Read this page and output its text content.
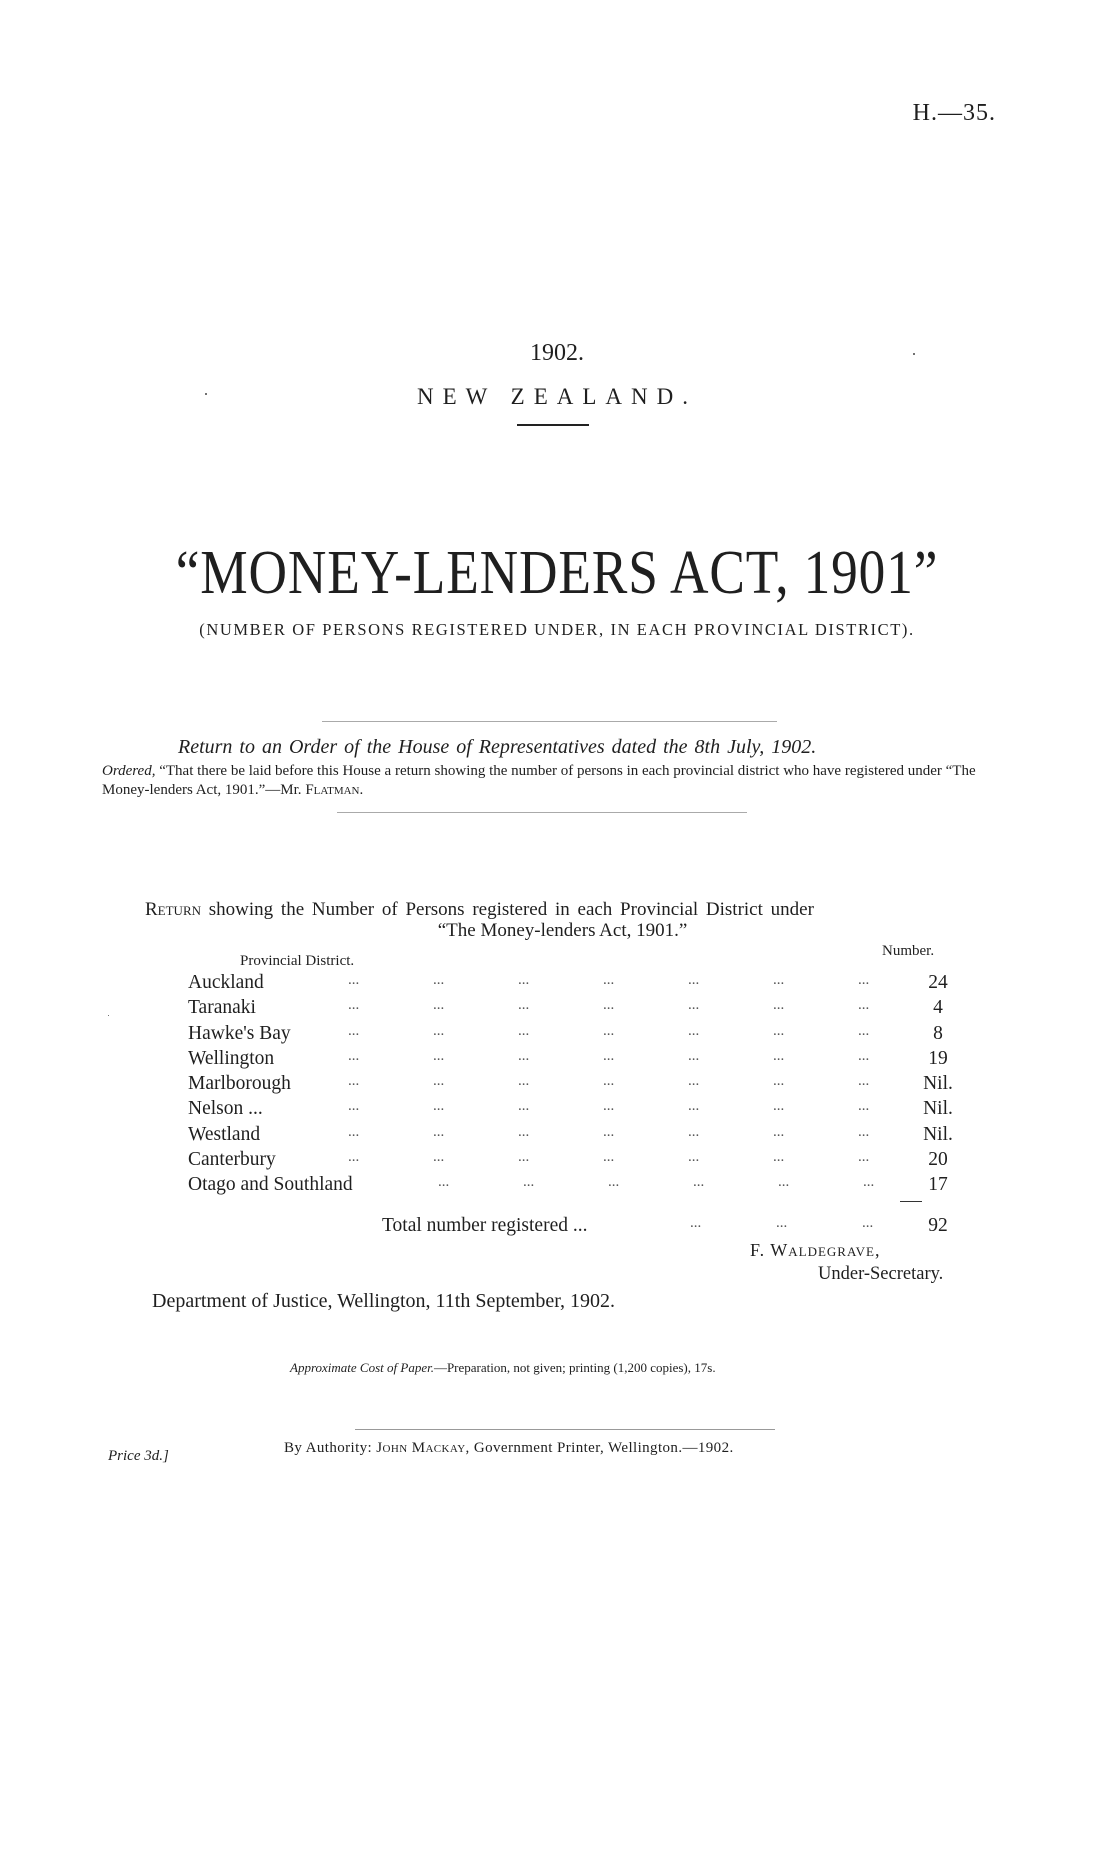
H.—35.
1902.
NEW ZEALAND.
“MONEY-LENDERS ACT, 1901”
(NUMBER OF PERSONS REGISTERED UNDER, IN EACH PROVINCIAL DISTRICT).
Return to an Order of the House of Representatives dated the 8th July, 1902.
Ordered, “That there be laid before this House a return showing the number of persons in each provincial district who have registered under “The Money-lenders Act, 1901.”—Mr. Flatman.
Return showing the Number of Persons registered in each Provincial District under
“The Money-lenders Act, 1901.”
Provincial District.
Number.
Auckland	...	...	...	...	...	...	...	24
Taranaki	...	...	...	...	...	...	...	4
Hawke's Bay	...	...	...	...	...	...	...	8
Wellington	...	...	...	...	...	...	...	19
Marlborough	...	...	...	...	...	...	...	Nil.
Nelson ...	...	...	...	...	...	...	...	Nil.
Westland	...	...	...	...	...	...	...	Nil.
Canterbury	...	...	...	...	...	...	...	20
Otago and Southland	...	...	...	...	...	...	17
Total number registered ...	...	...	...	92
F. Waldegrave,
Under-Secretary.
Department of Justice, Wellington, 11th September, 1902.
Approximate Cost of Paper.—Preparation, not given; printing (1,200 copies), 17s.
Price 3d.]	By Authority: John Mackay, Government Printer, Wellington.—1902.
